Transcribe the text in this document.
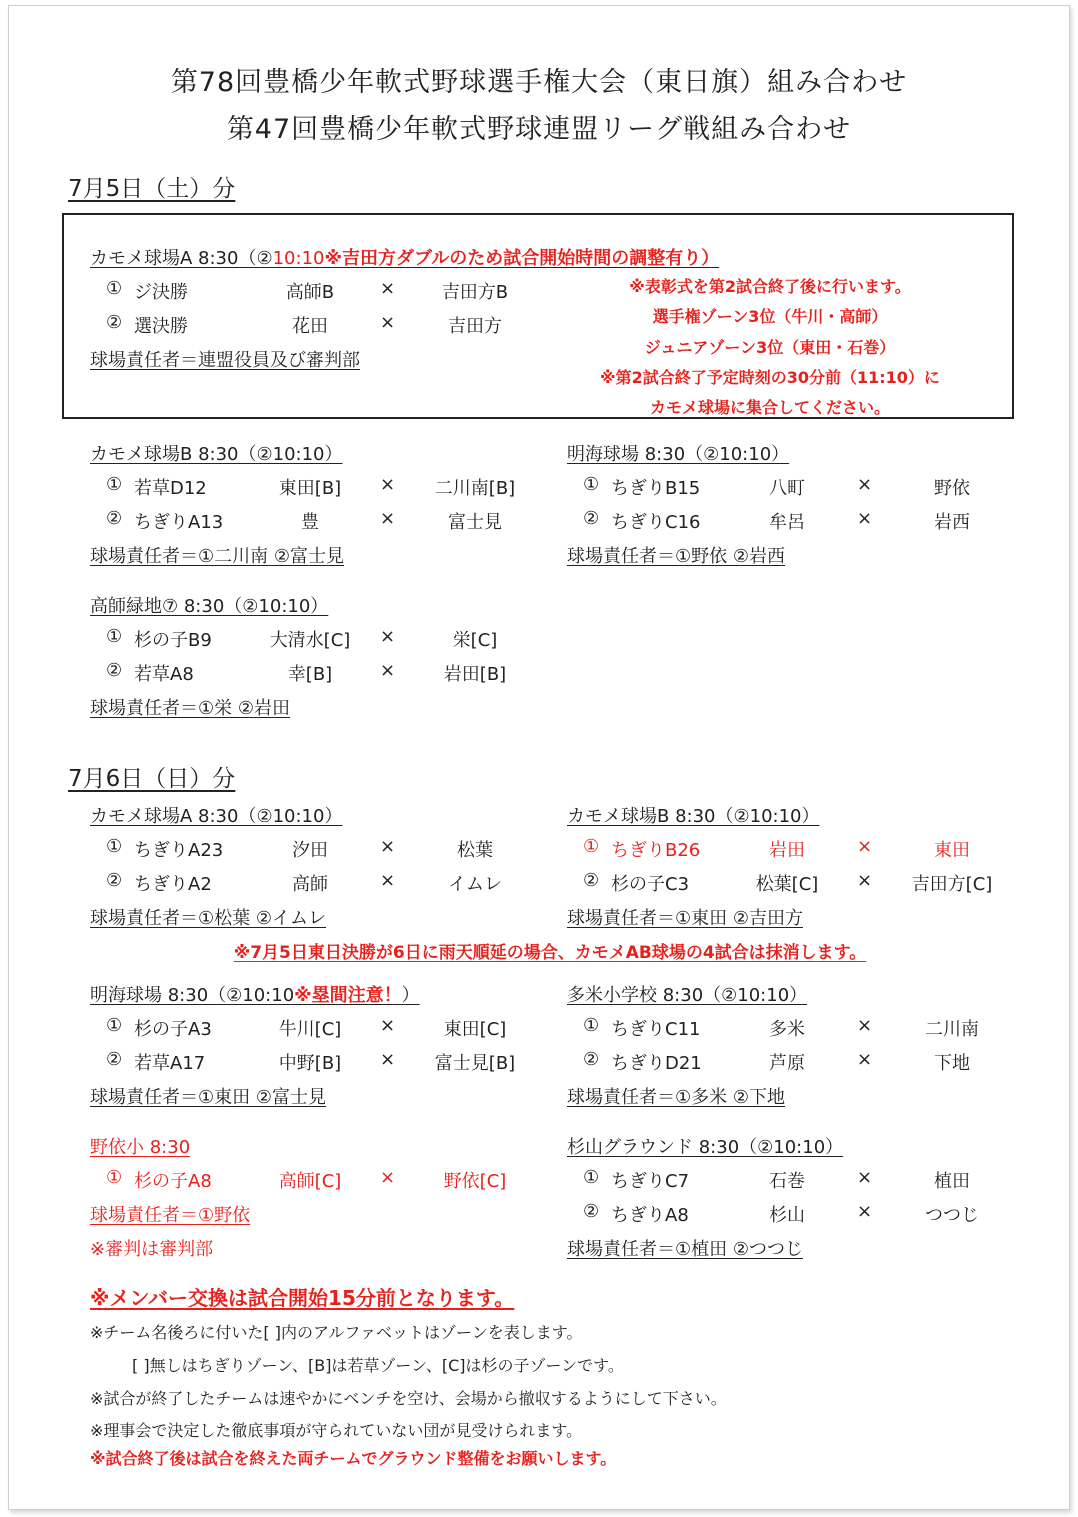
第78回豊橋少年軟式野球選手権大会（東日旗）組み合わせ
第47回豊橋少年軟式野球連盟リーグ戦組み合わせ
7月5日（土）分
カモメ球場A 8:30（②10:10※吉田方ダブルのため試合開始時間の調整有り）
① ジ決勝	高師B	×	吉田方B
② 選決勝	花田	×	吉田方
球場責任者＝連盟役員及び審判部
※表彰式を第2試合終了後に行います。
選手権ゾーン3位（牛川・高師）
ジュニアゾーン3位（東田・石巻）
※第2試合終了予定時刻の30分前（11:10）に
カモメ球場に集合してください。
カモメ球場B 8:30（②10:10）
① 若草D12	東田[B]	×	二川南[B]
② ちぎりA13	豊	×	富士見
球場責任者＝①二川南 ②富士見
明海球場 8:30（②10:10）
① ちぎりB15	八町	×	野依
② ちぎりC16	牟呂	×	岩西
球場責任者＝①野依 ②岩西
高師緑地⑦ 8:30（②10:10）
① 杉の子B9	大清水[C]	×	栄[C]
② 若草A8	幸[B]	×	岩田[B]
球場責任者＝①栄 ②岩田
7月6日（日）分
カモメ球場A 8:30（②10:10）
① ちぎりA23	汐田	×	松葉
② ちぎりA2	高師	×	イムレ
球場責任者＝①松葉 ②イムレ
カモメ球場B 8:30（②10:10）
① ちぎりB26	岩田	×	東田
② 杉の子C3	松葉[C]	×	吉田方[C]
球場責任者＝①東田 ②吉田方
※7月5日東日決勝が6日に雨天順延の場合、カモメAB球場の4試合は抹消します。
明海球場 8:30（②10:10※塁間注意！）
① 杉の子A3	牛川[C]	×	東田[C]
② 若草A17	中野[B]	×	富士見[B]
球場責任者＝①東田 ②富士見
多米小学校 8:30（②10:10）
① ちぎりC11	多米	×	二川南
② ちぎりD21	芦原	×	下地
球場責任者＝①多米 ②下地
野依小 8:30
① 杉の子A8	高師[C]	×	野依[C]
球場責任者＝①野依
※審判は審判部
杉山グラウンド 8:30（②10:10）
① ちぎりC7	石巻	×	植田
② ちぎりA8	杉山	×	つつじ
球場責任者＝①植田 ②つつじ
※メンバー交換は試合開始15分前となります。
※チーム名後ろに付いた[ ]内のアルファベットはゾーンを表します。
[ ]無しはちぎりゾーン、[B]は若草ゾーン、[C]は杉の子ゾーンです。
※試合が終了したチームは速やかにベンチを空け、会場から撤収するようにして下さい。
※理事会で決定した徹底事項が守られていない団が見受けられます。
※試合終了後は試合を終えた両チームでグラウンド整備をお願いします。
